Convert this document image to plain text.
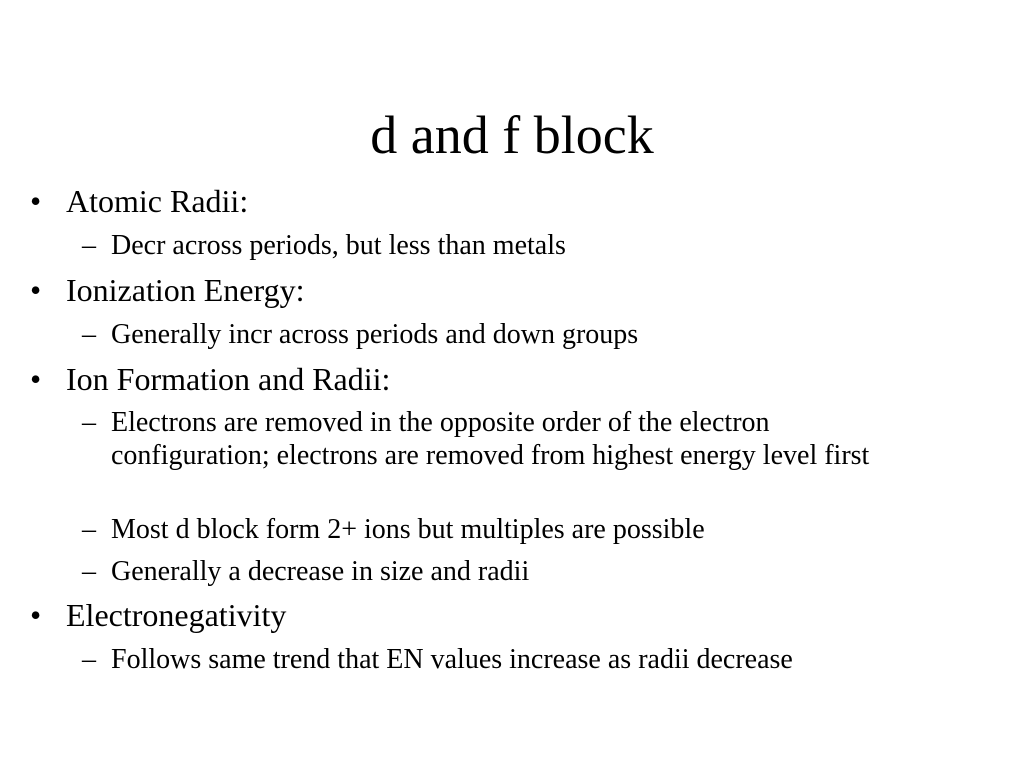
d and f block
• Atomic Radii:
– Decr across periods, but less than metals
• Ionization Energy:
– Generally incr across periods and down groups
• Ion Formation and Radii:
– Electrons are removed in the opposite order of the electron configuration; electrons are removed from highest energy level first
– Most d block form 2+ ions but multiples are possible
– Generally a decrease in size and radii
• Electronegativity
– Follows same trend that EN values increase as radii decrease
